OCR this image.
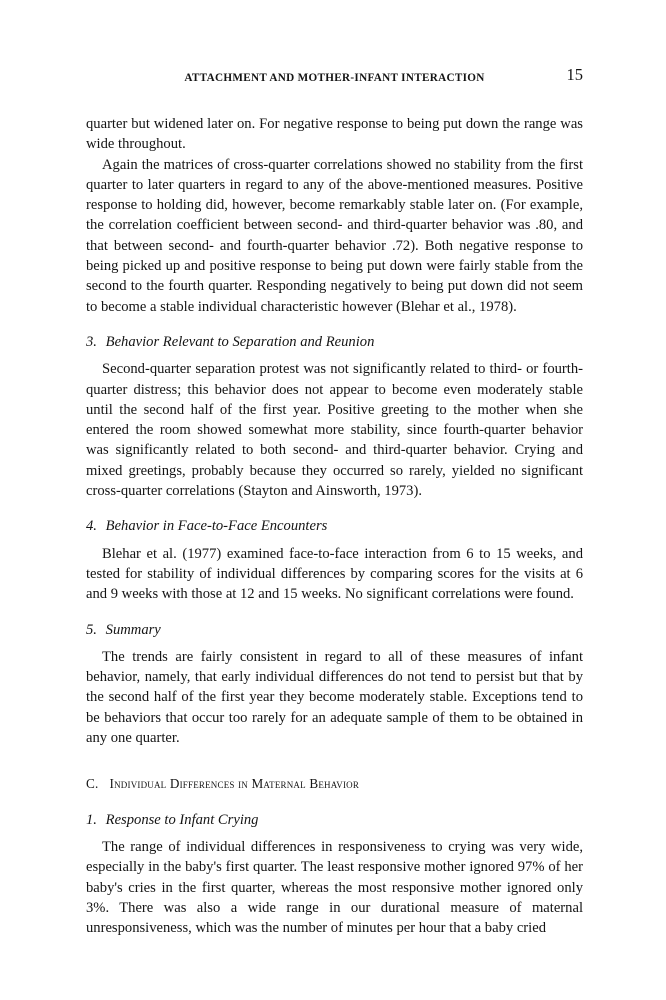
ATTACHMENT AND MOTHER-INFANT INTERACTION	15

quarter but widened later on. For negative response to being put down the range was wide throughout.

Again the matrices of cross-quarter correlations showed no stability from the first quarter to later quarters in regard to any of the above-mentioned measures. Positive response to holding did, however, become remarkably stable later on. (For example, the correlation coefficient between second- and third-quarter behavior was .80, and that between second- and fourth-quarter behavior .72). Both negative response to being picked up and positive response to being put down were fairly stable from the second to the fourth quarter. Responding negatively to being put down did not seem to become a stable individual characteristic however (Blehar et al., 1978).

3. Behavior Relevant to Separation and Reunion

Second-quarter separation protest was not significantly related to third- or fourth-quarter distress; this behavior does not appear to become even moderately stable until the second half of the first year. Positive greeting to the mother when she entered the room showed somewhat more stability, since fourth-quarter behavior was significantly related to both second- and third-quarter behavior. Crying and mixed greetings, probably because they occurred so rarely, yielded no significant cross-quarter correlations (Stayton and Ainsworth, 1973).

4. Behavior in Face-to-Face Encounters

Blehar et al. (1977) examined face-to-face interaction from 6 to 15 weeks, and tested for stability of individual differences by comparing scores for the visits at 6 and 9 weeks with those at 12 and 15 weeks. No significant correlations were found.

5. Summary

The trends are fairly consistent in regard to all of these measures of infant behavior, namely, that early individual differences do not tend to persist but that by the second half of the first year they become moderately stable. Exceptions tend to be behaviors that occur too rarely for an adequate sample of them to be obtained in any one quarter.

C. Individual Differences in Maternal Behavior
1. Response to Infant Crying

The range of individual differences in responsiveness to crying was very wide, especially in the baby's first quarter. The least responsive mother ignored 97% of her baby's cries in the first quarter, whereas the most responsive mother ignored only 3%. There was also a wide range in our durational measure of maternal unresponsiveness, which was the number of minutes per hour that a baby cried
